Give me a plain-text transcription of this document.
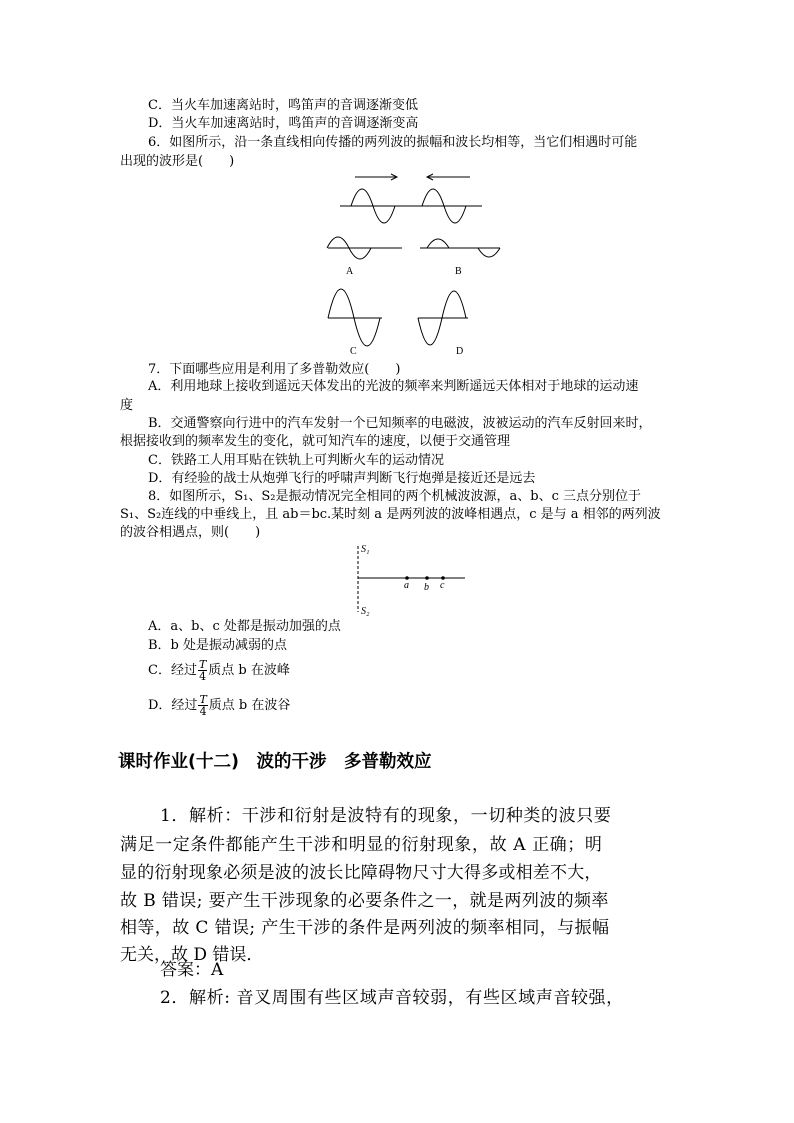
C．当火车加速离站时，鸣笛声的音调逐渐变低
D．当火车加速离站时，鸣笛声的音调逐渐变高
6．如图所示，沿一条直线相向传播的两列波的振幅和波长均相等，当它们相遇时可能
出现的波形是(　　)
A	B
C	D
7．下面哪些应用是利用了多普勒效应(　　)
A．利用地球上接收到遥远天体发出的光波的频率来判断遥远天体相对于地球的运动速
度
B．交通警察向行进中的汽车发射一个已知频率的电磁波，波被运动的汽车反射回来时，
根据接收到的频率发生的变化，就可知汽车的速度，以便于交通管理
C．铁路工人用耳贴在铁轨上可判断火车的运动情况
D．有经验的战士从炮弹飞行的呼啸声判断飞行炮弹是接近还是远去
8．如图所示，S₁、S₂是振动情况完全相同的两个机械波波源，a、b、c 三点分别位于
S₁、S₂连线的中垂线上，且 ab＝bc.某时刻 a 是两列波的波峰相遇点，c 是与 a 相邻的两列波
的波谷相遇点，则(　　)
S₁
S₂
a b c
A．a、b、c 处都是振动加强的点
B．b 处是振动减弱的点
C．经过 $\frac{T}{4}$ 质点 b 在波峰
D．经过 $\frac{T}{4}$ 质点 b 在波谷
课时作业(十二)　波的干涉　多普勒效应
1．解析：干涉和衍射是波特有的现象，一切种类的波只要
满足一定条件都能产生干涉和明显的衍射现象，故 A 正确；明
显的衍射现象必须是波的波长比障碍物尺寸大得多或相差不大，
故 B 错误; 要产生干涉现象的必要条件之一，就是两列波的频率
相等，故 C 错误; 产生干涉的条件是两列波的频率相同，与振幅
无关，故 D 错误．
答案：A
2．解析: 音叉周围有些区域声音较弱，有些区域声音较强，
